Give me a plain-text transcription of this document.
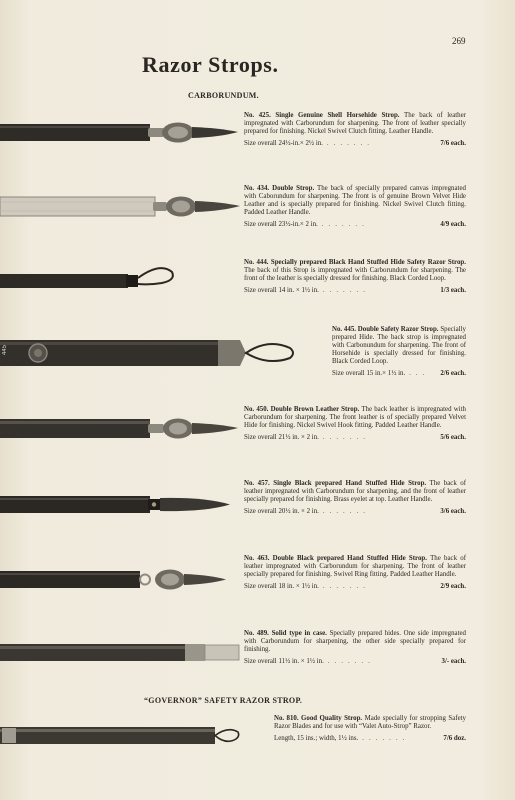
269
Razor Strops.
CARBORUNDUM.
“GOVERNOR” SAFETY RAZOR STROP.
445
No. 425. Single Genuine Shell Horsehide Strop. The back of leather impregnated with Carborundum for sharpening. The front of leather specially prepared for finishing. Nickel Swivel Clutch fitting. Leather Handle.
Size overall 24½-in.× 2½ in. .......	7/6 each.
No. 434. Double Strop. The back of specially prepared canvas impregnated with Caborundum for sharpening. The front is of genuine Brown Velvet Hide Leather and is specially prepared for finishing. Nickel Swivel Clutch fitting. Padded Leather Handle.
Size overall 23½-in.× 2 in. .......	4/9 each.
No. 444. Specially prepared Black Hand Stuffed Hide Safety Razor Strop. The back of this Strop is impregnated with Carborundum for sharpening. The front of the leather is specially dressed for finishing. Black Corded Loop.
Size overall 14 in. × 1½ in. .......	1/3 each.
No. 445. Double Safety Razor Strop. Specially prepared Hide. The back strop is impregnated with Carbonundum for sharpening. The front of Horsehide is specially dressed for finishing. Black Corded Loop.
Size overall 15 in.× 1½ in. ...	2/6 each.
No. 450. Double Brown Leather Strop. The back leather is impregnated with Carborundum for sharpening. The front leather is of specially prepared Velvet Hide for finishing. Nickel Swivel Hook fitting. Padded Leather Handle.
Size overall 21½ in. × 2 in. .......	5/6 each.
No. 457. Single Black prepared Hand Stuffed Hide Strop. The back of leather impregnated with Carborundum for sharpening, and the front of leather specially prepared for finishing. Brass eyelet at top. Leather Handle.
Size overall 20½ in. × 2 in. .......	3/6 each.
No. 463. Double Black prepared Hand Stuffed Hide Strop. The back of leather impregnated with Carborundum for sharpening. The front of leather specially prepared for finishing. Swivel Ring fitting. Padded Leather Handle.
Size overall 18 in. × 1½ in. .......	2/9 each.
No. 489. Solid type in case. Specially prepared hides. One side impregnated with Carborundum for sharpening, the other side specially prepared for finishing.
Size overall 11½ in. × 1½ in. .......	3/- each.
No. 810. Good Quality Strop. Made specially for stropping Safety Razor Blades and for use with “Valet Auto-Strop” Razor.
Length, 15 ins.; width, 1½ ins. .......	7/6 doz.
